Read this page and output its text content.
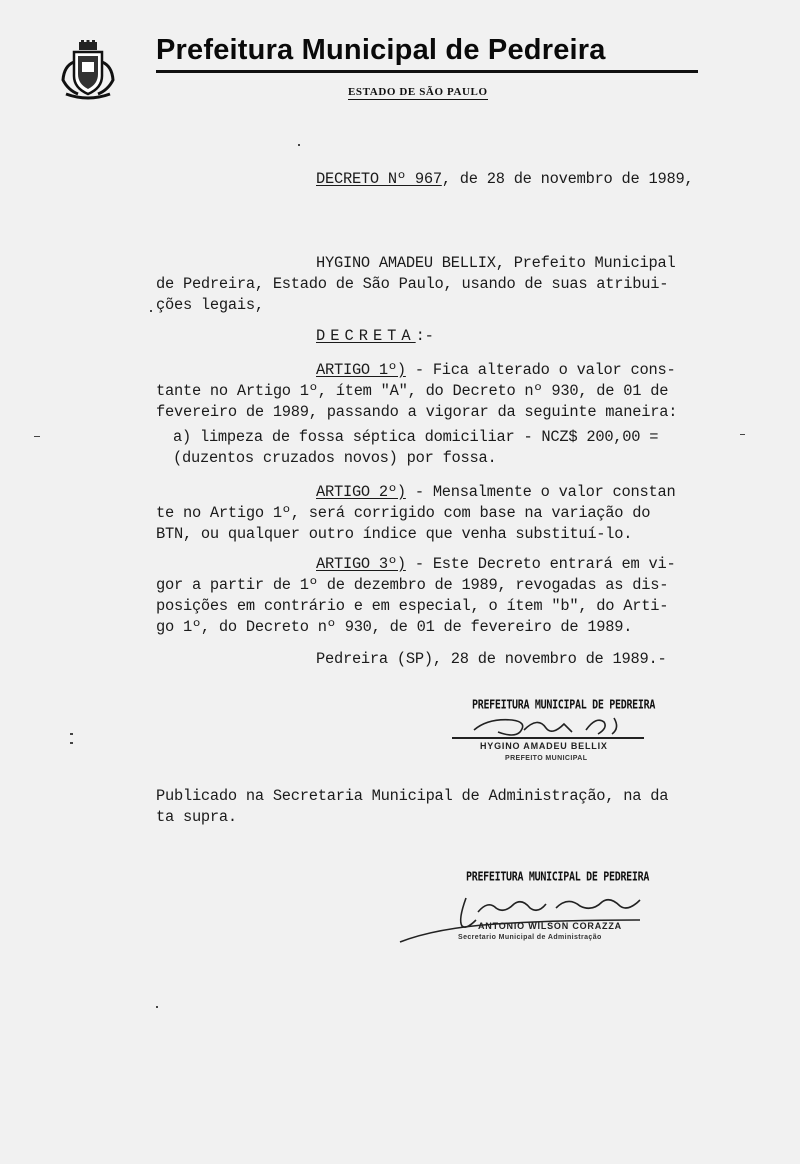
Prefeitura Municipal de Pedreira
ESTADO DE SÃO PAULO
DECRETO Nº 967, de 28 de novembro de 1989,
HYGINO AMADEU BELLIX, Prefeito Municipal
de Pedreira, Estado de São Paulo, usando de suas atribui-
ções legais,
DECRETA:-
ARTIGO 1º) - Fica alterado o valor cons-
tante no Artigo 1º, ítem "A", do Decreto nº 930, de 01 de
fevereiro de 1989, passando a vigorar da seguinte maneira:
a) limpeza de fossa séptica domiciliar - NCZ$ 200,00 =
(duzentos cruzados novos) por fossa.
ARTIGO 2º) - Mensalmente o valor constan
te no Artigo 1º, será corrigido com base na variação do
BTN, ou qualquer outro índice que venha substituí-lo.
ARTIGO 3º) - Este Decreto entrará em vi-
gor a partir de 1º de dezembro de 1989, revogadas as dis-
posições em contrário e em especial, o ítem "b", do Arti-
go 1º, do Decreto nº 930, de 01 de fevereiro de 1989.
Pedreira (SP), 28 de novembro de 1989.-
PREFEITURA MUNICIPAL DE PEDREIRA
HYGINO AMADEU BELLIX
PREFEITO MUNICIPAL
Publicado na Secretaria Municipal de Administração, na da
ta supra.
PREFEITURA MUNICIPAL DE PEDREIRA
ANTONIO WILSON CORAZZA
Secretario Municipal de Administração
